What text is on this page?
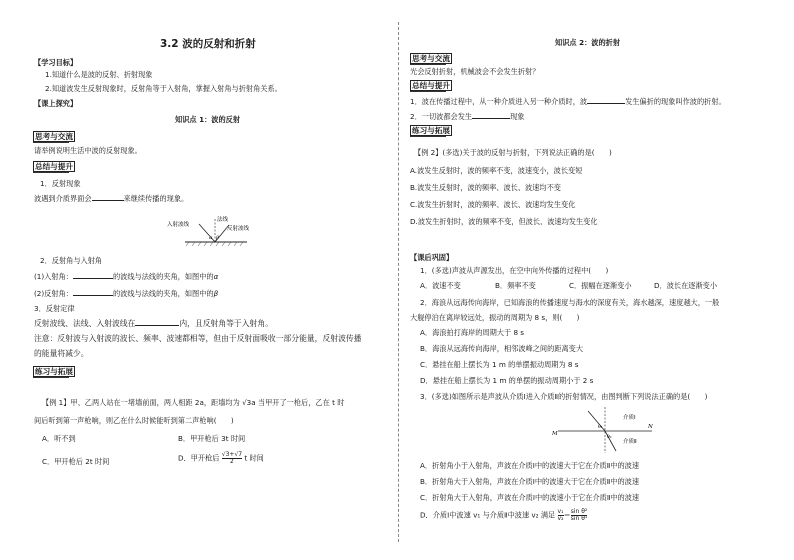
3.2 波的反射和折射
【学习目标】
1.知道什么是波的反射、折射现象
2.知道波发生反射现象时，反射角等于入射角，掌握入射角与折射角关系。
【课上探究】
知识点 1：波的反射
思考与交流
请举例说明生活中波的反射现象。
总结与提升
1．反射现象
波遇到介质界面会	来继续传播的现象。
入射波线
法线
反射波线
α β
2．反射角与入射角
(1)入射角：	的波线与法线的夹角，如图中的α
(2)反射角：	的波线与法线的夹角，如图中的β
3．反射定律
反射波线、法线、入射波线在	内，且反射角等于入射角。
注意：反射波与入射波的波长、频率、波速都相等，但由于反射面吸收一部分能量，反射波传播
的能量将减少。
练习与拓展
【例 1】甲、乙两人站在一堵墙前面，两人相距 2a，距墙均为 √3a 当甲开了一枪后，乙在 t 时
间后听到第一声枪响，则乙在什么时候能听到第二声枪响(　　)
A．听不到	B．甲开枪后 3t 时间
C．甲开枪后 2t 时间	D．甲开枪后 $\frac{√3+√7}{2}$ t 时间
知识点 2：波的折射
思考与交流
光会反射折射，机械波会不会发生折射？
总结与提升
1．波在传播过程中，从一种介质进入另一种介质时，波	发生偏折的现象叫作波的折射。
2．一切波都会发生	现象
练习与拓展
【例 2】(多选)关于波的反射与折射，下列说法正确的是(　　)
A.波发生反射时，波的频率不变，波速变小，波长变短
B.波发生反射时，波的频率、波长、波速均不变
C.波发生折射时，波的频率、波长、波速均发生变化
D.波发生折射时，波的频率不变，但波长、波速均发生变化
【课后巩固】
1．(多选)声波从声源发出，在空中向外传播的过程中(　　)
A．波速不变	B．频率不变	C．振幅在逐渐变小	D．波长在逐渐变小
2．海浪从远海传向海岸，已知海浪的传播速度与海水的深度有关，海水越深，速度越大，一般
大舰停泊在离岸较远处，振动的周期为 8 s，则(　　)
A．海浪拍打海岸的周期大于 8 s
B．海浪从远海传向海岸，相邻波峰之间的距离变大
C．悬挂在船上摆长为 1 m 的单摆振动周期为 8 s
D．悬挂在船上摆长为 1 m 的单摆的振动周期小于 2 s
3．(多选)如图所示是声波从介质Ⅰ进入介质Ⅱ的折射情况，由图判断下列说法正确的是(　　)
介质Ⅰ
介质Ⅱ
M
N
θ₁
θ₂
A．折射角小于入射角，声波在介质Ⅰ中的波速大于它在介质Ⅱ中的波速
B．折射角大于入射角，声波在介质Ⅰ中的波速大于它在介质Ⅱ中的波速
C．折射角大于入射角，声波在介质Ⅰ中的波速小于它在介质Ⅱ中的波速
D．介质Ⅰ中波速 v₁ 与介质Ⅱ中波速 v₂ 满足 $\frac{\text{v₁}}{\text{v₂}} = \frac{\text{sin θ²}}{\text{sin θ¹}}$
